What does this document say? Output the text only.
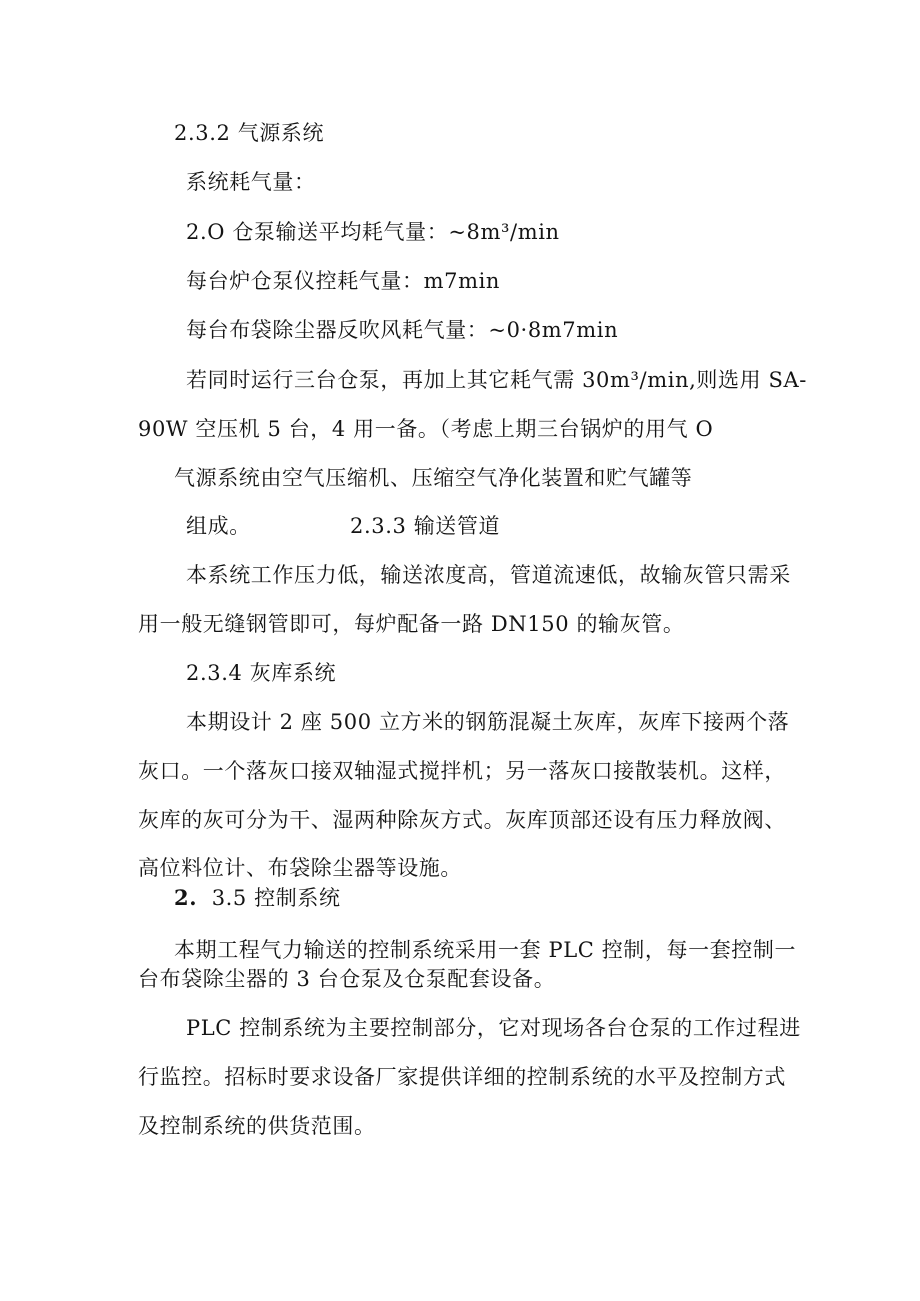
2.3.2 气源系统
系统耗气量：
2.O 仓泵输送平均耗气量：~8m³/min
每台炉仓泵仪控耗气量：m7min
每台布袋除尘器反吹风耗气量：~0·8m7min
若同时运行三台仓泵，再加上其它耗气需 30m³/min,则选用 SA-
90W 空压机 5 台，4 用一备。（考虑上期三台锅炉的用气 O
气源系统由空气压缩机、压缩空气净化装置和贮气罐等
组成。	2.3.3 输送管道
本系统工作压力低，输送浓度高，管道流速低，故输灰管只需采
用一般无缝钢管即可，每炉配备一路 DN150 的输灰管。
2.3.4 灰库系统
本期设计 2 座 500 立方米的钢筋混凝土灰库，灰库下接两个落
灰口。一个落灰口接双轴湿式搅拌机；另一落灰口接散装机。这样，
灰库的灰可分为干、湿两种除灰方式。灰库顶部还设有压力释放阀、
高位料位计、布袋除尘器等设施。
2. 3.5 控制系统
本期工程气力输送的控制系统采用一套 PLC 控制，每一套控制一
台布袋除尘器的 3 台仓泵及仓泵配套设备。
PLC 控制系统为主要控制部分，它对现场各台仓泵的工作过程进
行监控。招标时要求设备厂家提供详细的控制系统的水平及控制方式
及控制系统的供货范围。
